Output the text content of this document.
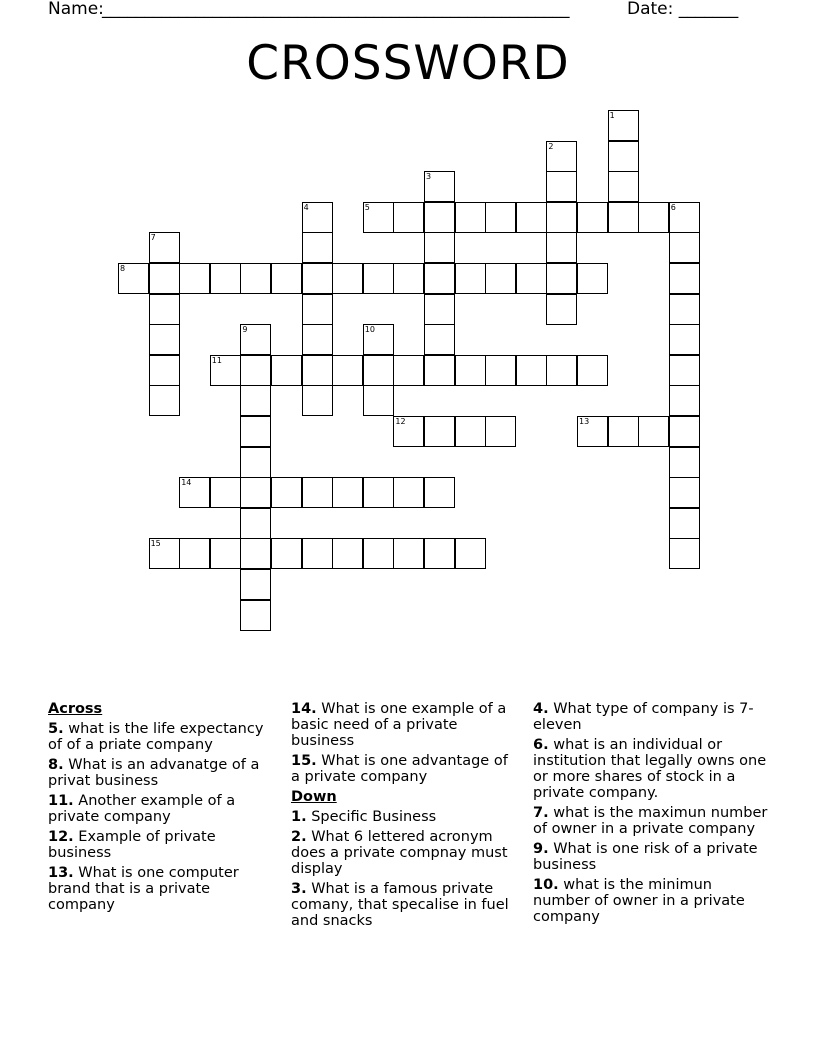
Name:
_______________________________________________________	Date: _______
CROSSWORD
1
2
3
4	5	6
7
8
9	10
11
12	13
14
15
Across
5. what is the life expectancy of of a priate company
8. What is an advanatge of a privat business
11. Another example of a private company
12. Example of private business
13. What is one computer brand that is a private company
14. What is one example of a basic need of a private business
15. What is one advantage of a private company
Down
1. Specific Business
2. What 6 lettered acronym does a private compnay must display
3. What is a famous private comany, that specalise in fuel and snacks
4. What type of company is 7-eleven
6. what is an individual or institution that legally owns one or more shares of stock in a private company.
7. what is the maximun number of owner in a private company
9. What is one risk of a private business
10. what is the minimun number of owner in a private company
